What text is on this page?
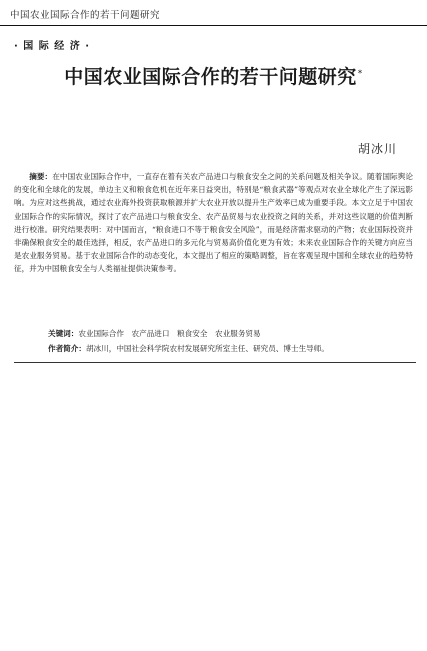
中国农业国际合作的若干问题研究
· 国 际 经 济 ·
中国农业国际合作的若干问题研究*
胡冰川

摘要：在中国农业国际合作中，一直存在着有关农产品进口与粮食安全之间的关系问题及相关争议。随着国际舆论的变化和全球化的发展，单边主义和粮食危机在近年来日益突出，特别是“粮食武器”等观点对农业全球化产生了深远影响。为应对这些挑战，通过农业海外投资获取粮源并扩大农业开放以提升生产效率已成为重要手段。本文立足于中国农业国际合作的实际情况，探讨了农产品进口与粮食安全、农产品贸易与农业投资之间的关系，并对这些议题的价值判断进行校准。研究结果表明：对中国而言，“粮食进口不等于粮食安全风险”，而是经济需求驱动的产物；农业国际投资并非确保粮食安全的最佳选择，相反，农产品进口的多元化与贸易高价值化更为有效；未来农业国际合作的关键方向应当是农业服务贸易。基于农业国际合作的动态变化，本文提出了相应的策略调整，旨在客观呈现中国和全球农业的趋势特征，并为中国粮食安全与人类福祉提供决策参考。

关键词：农业国际合作　农产品进口　粮食安全　农业服务贸易
作者简介：胡冰川，中国社会科学院农村发展研究所室主任、研究员、博士生导师。
